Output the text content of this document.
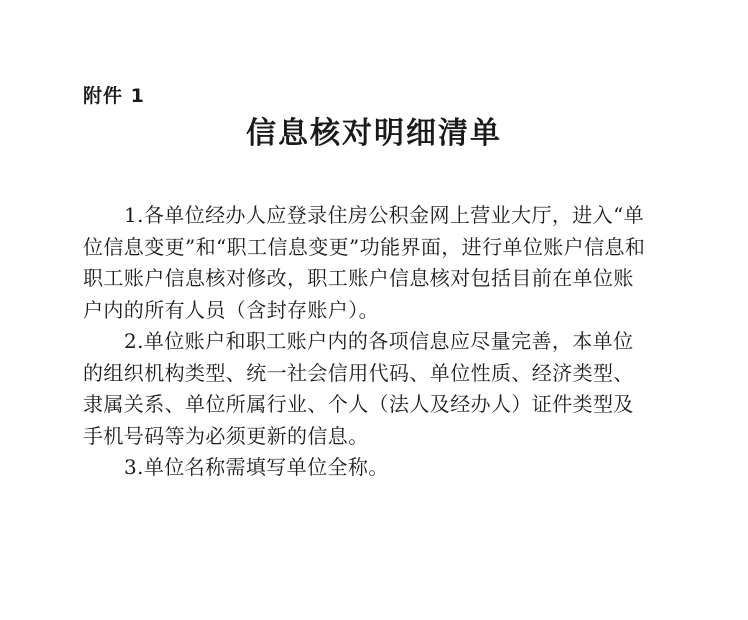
附件 1
信息核对明细清单
1.各单位经办人应登录住房公积金网上营业大厅，进入“单
位信息变更”和“职工信息变更”功能界面，进行单位账户信息和
职工账户信息核对修改，职工账户信息核对包括目前在单位账
户内的所有人员（含封存账户）。
2.单位账户和职工账户内的各项信息应尽量完善，本单位
的组织机构类型、统一社会信用代码、单位性质、经济类型、
隶属关系、单位所属行业、个人（法人及经办人）证件类型及
手机号码等为必须更新的信息。
3.单位名称需填写单位全称。
